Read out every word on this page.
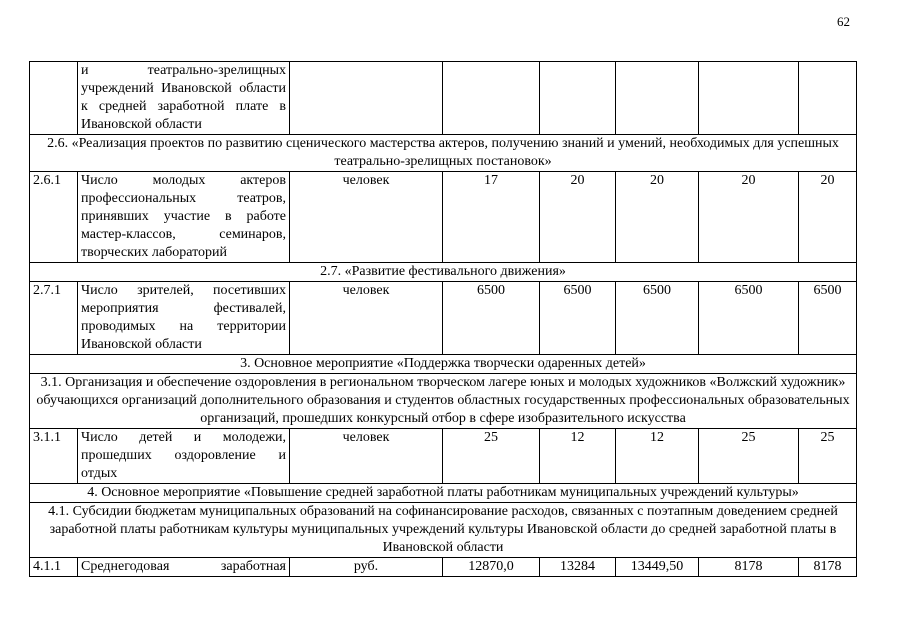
62
	и театрально-зрелищных учреждений Ивановской области к средней заработной плате в Ивановской области						
2.6. «Реализация проектов по развитию сценического мастерства актеров, получению знаний и умений, необходимых для успешных театрально-зрелищных постановок»							
2.6.1	Число молодых актеров профессиональных театров, принявших участие в работе мастер-классов, семинаров, творческих лабораторий	человек	17	20	20	20	20
2.7. «Развитие фестивального движения»							
2.7.1	Число зрителей, посетивших мероприятия фестивалей, проводимых на территории Ивановской области	человек	6500	6500	6500	6500	6500
3. Основное мероприятие «Поддержка творчески одаренных детей»							
3.1. Организация и обеспечение оздоровления в региональном творческом лагере юных и молодых художников «Волжский художник» обучающихся организаций дополнительного образования и студентов областных государственных профессиональных образовательных организаций, прошедших конкурсный отбор в сфере изобразительного искусства							
3.1.1	Число детей и молодежи, прошедших оздоровление и отдых	человек	25	12	12	25	25
4. Основное мероприятие «Повышение средней заработной платы работникам муниципальных учреждений культуры»							
4.1. Субсидии бюджетам муниципальных образований на софинансирование расходов, связанных с поэтапным доведением средней заработной платы работникам культуры муниципальных учреждений культуры Ивановской области до средней заработной платы в Ивановской области							
4.1.1	Среднегодовая заработная	руб.	12870,0	13284	13449,50	8178	8178
